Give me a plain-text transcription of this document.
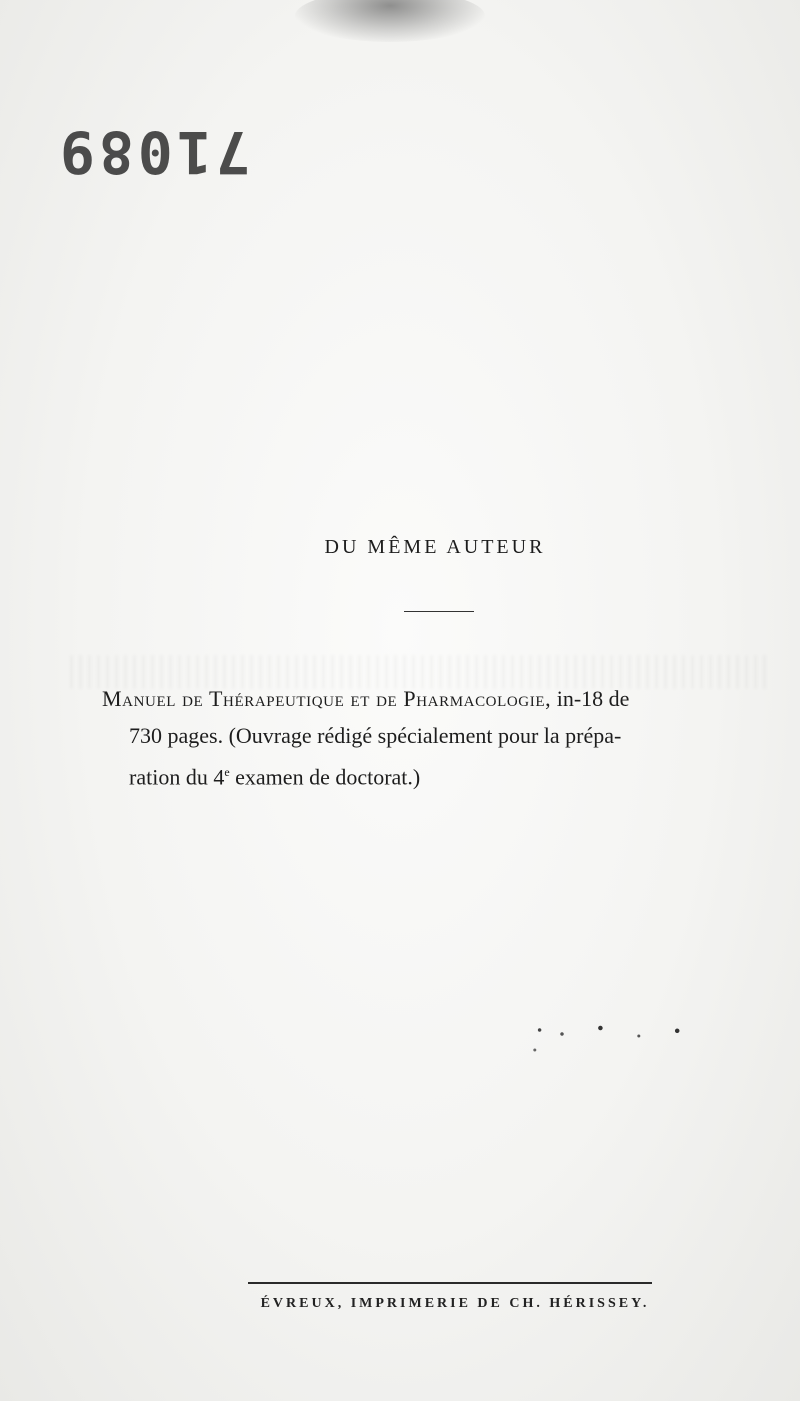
71089
DU MÊME AUTEUR
Manuel de Thérapeutique et de Pharmacologie, in-18 de
730 pages. (Ouvrage rédigé spécialement pour la prépa-
ration du 4e examen de doctorat.)
ÉVREUX, IMPRIMERIE DE CH. HÉRISSEY.
